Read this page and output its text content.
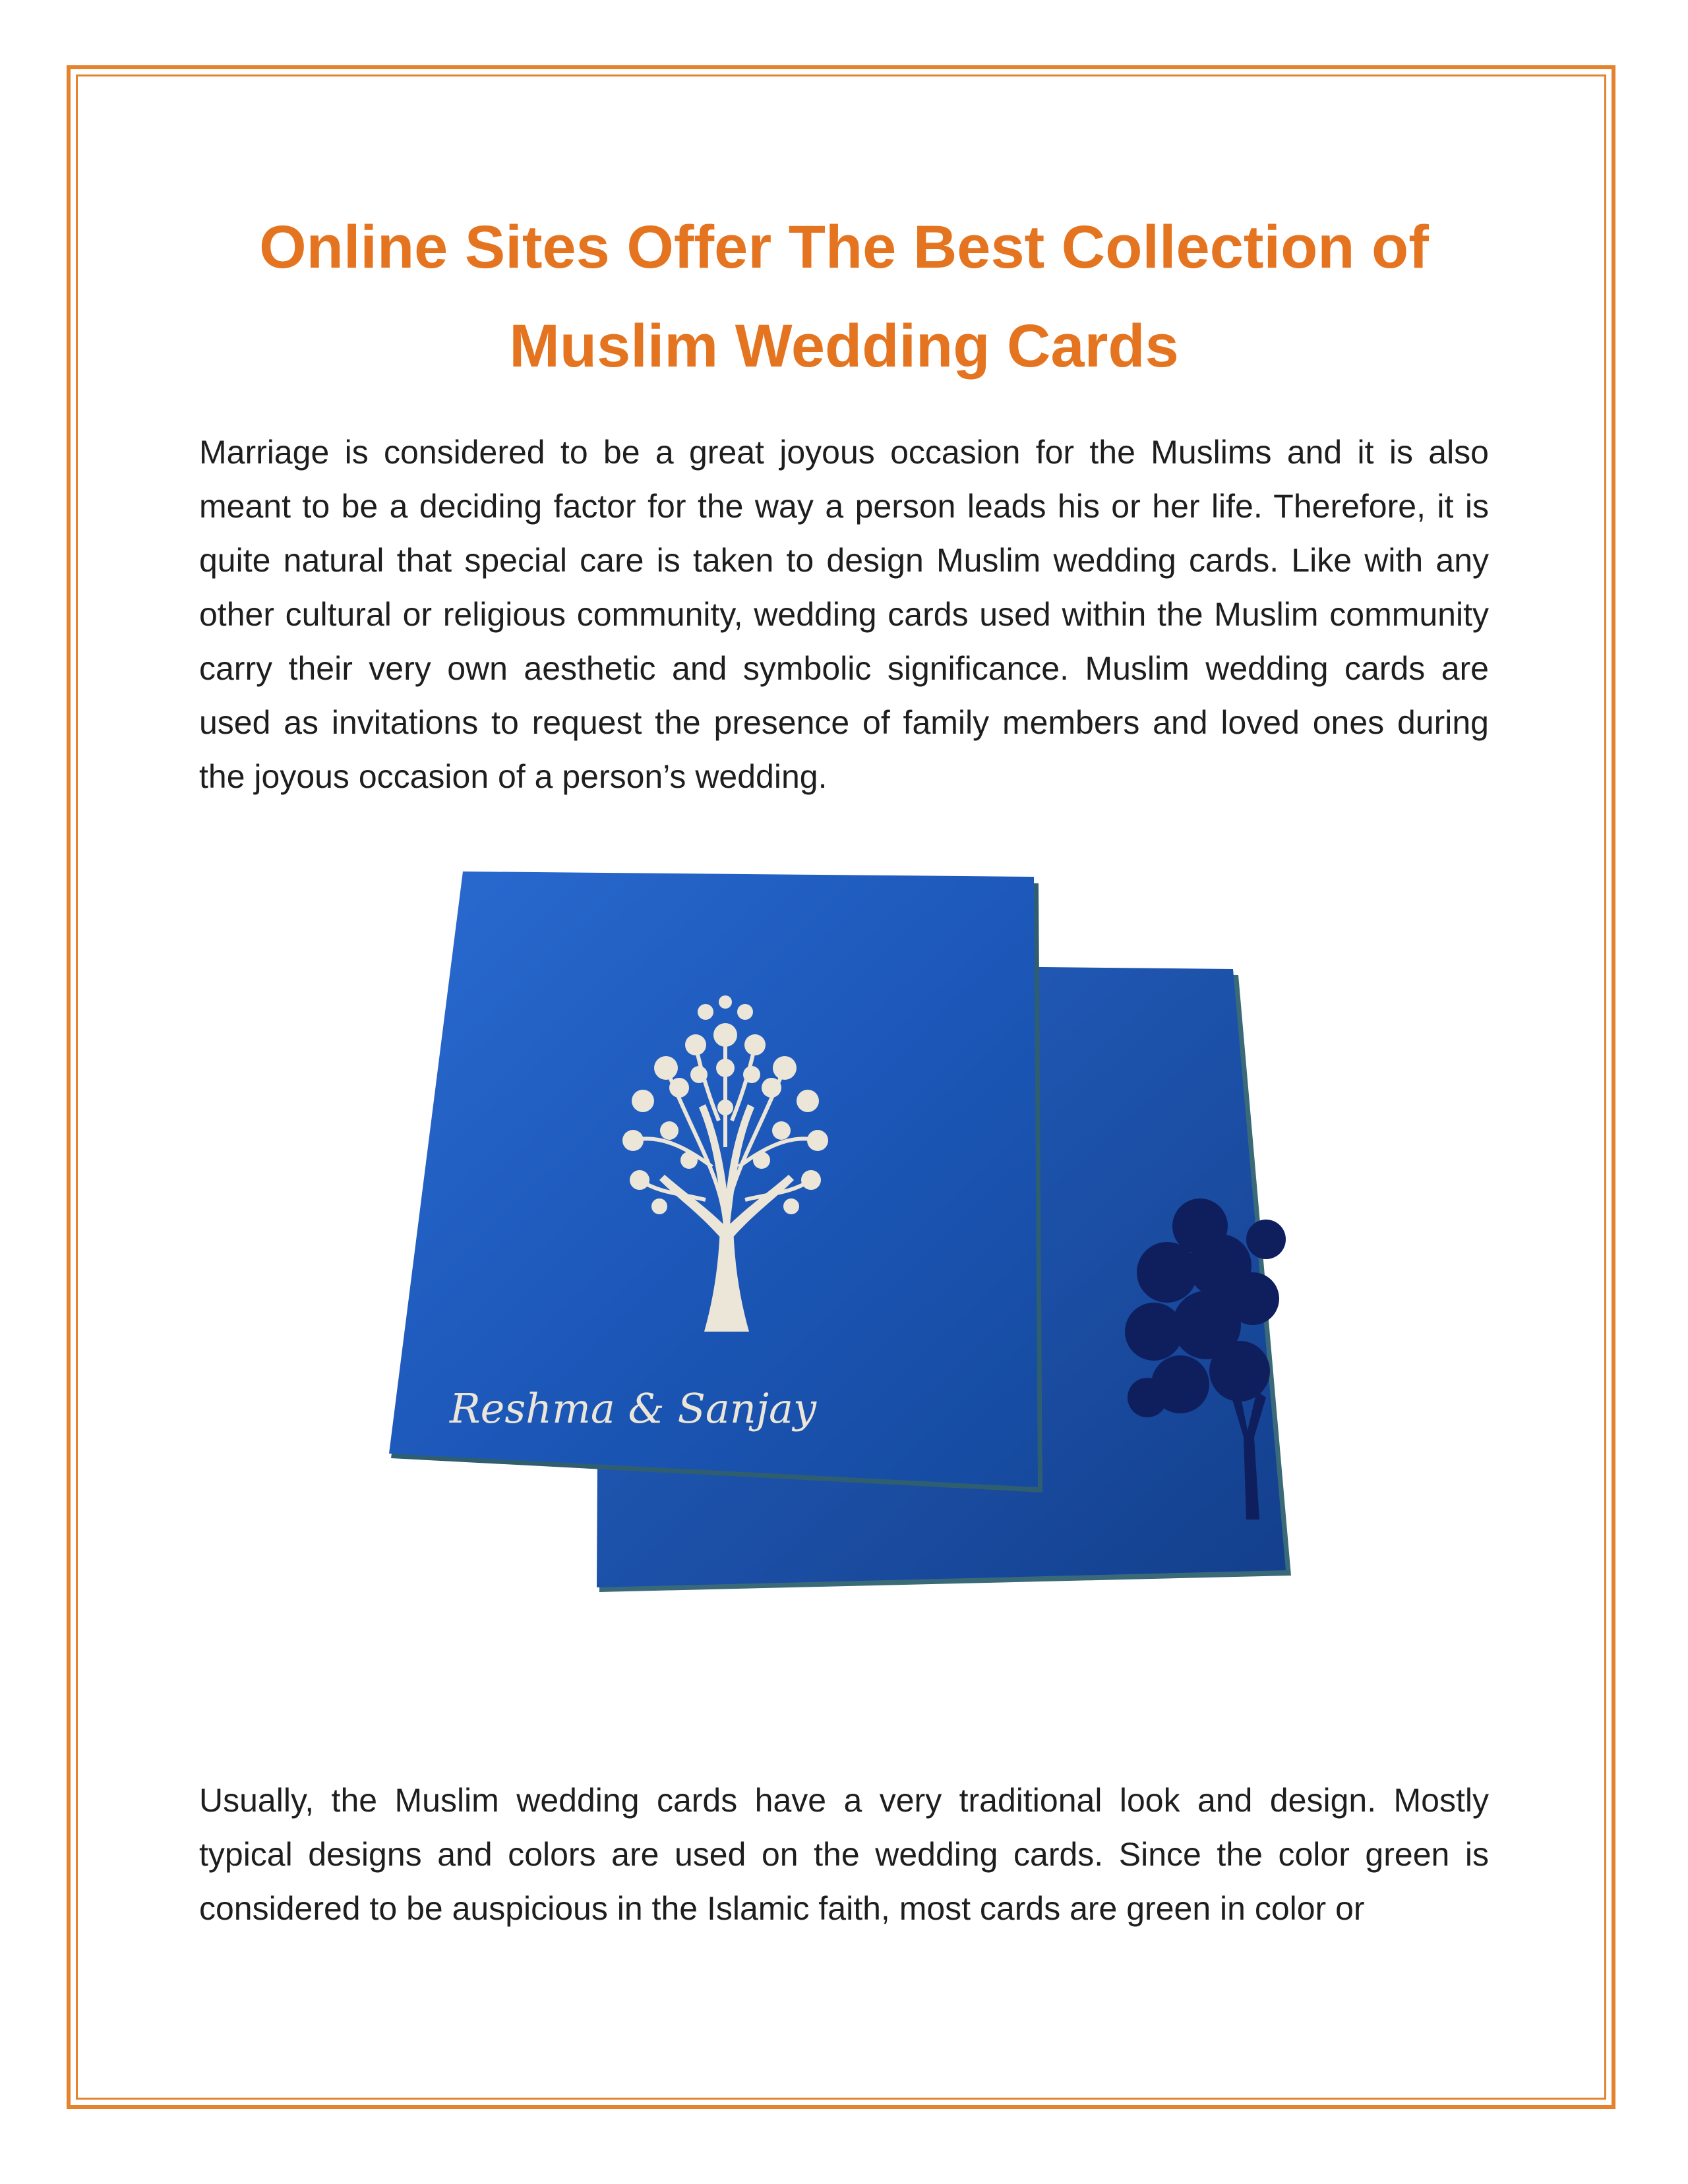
Online Sites Offer The Best Collection of
Muslim Wedding Cards

Marriage is considered to be a great joyous occasion for the Muslims and it is also meant to be a deciding factor for the way a person leads his or her life. Therefore, it is quite natural that special care is taken to design Muslim wedding cards. Like with any other cultural or religious community, wedding cards used within the Muslim community carry their very own aesthetic and symbolic significance. Muslim wedding cards are used as invitations to request the presence of family members and loved ones during the joyous occasion of a person’s wedding.

Reshma & Sanjay

Usually, the Muslim wedding cards have a very traditional look and design. Mostly typical designs and colors are used on the wedding cards. Since the color green is considered to be auspicious in the Islamic faith, most cards are green in color or
